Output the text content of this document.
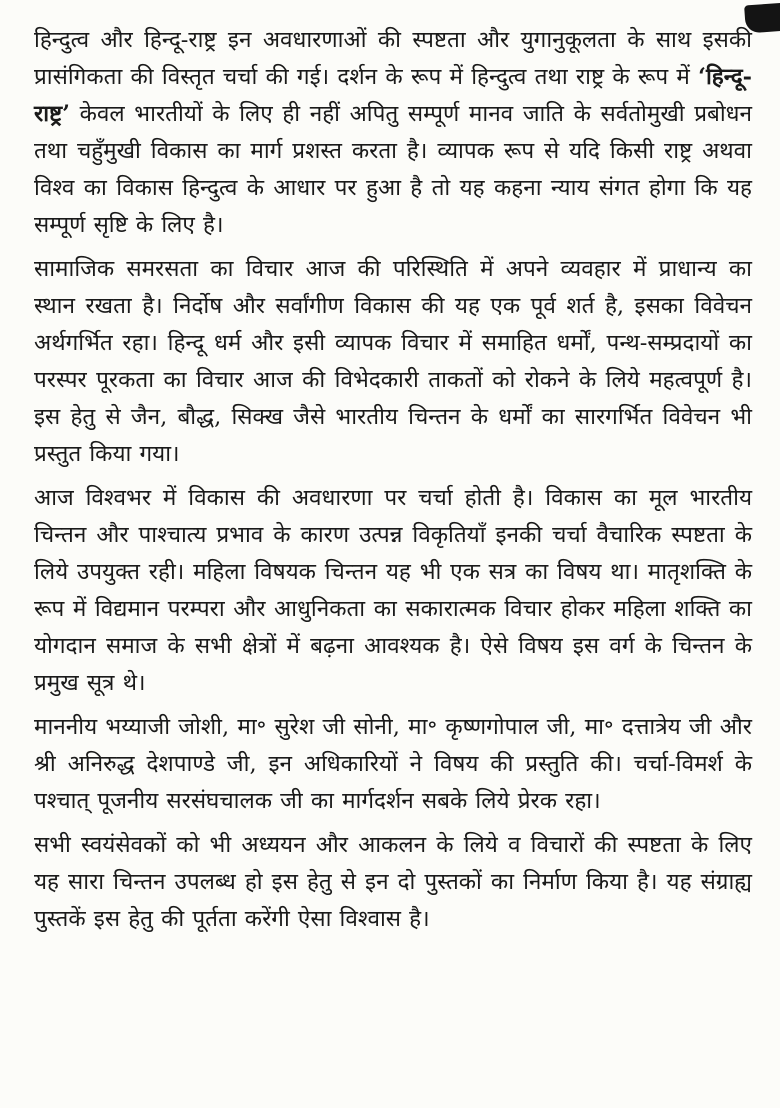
हिन्दुत्व और हिन्दू-राष्ट्र इन अवधारणाओं की स्पष्टता और युगानुकूलता के साथ इसकी प्रासंगिकता की विस्तृत चर्चा की गई। दर्शन के रूप में हिन्दुत्व तथा राष्ट्र के रूप में ‘हिन्दू-राष्ट्र’ केवल भारतीयों के लिए ही नहीं अपितु सम्पूर्ण मानव जाति के सर्वतोमुखी प्रबोधन तथा चहुँमुखी विकास का मार्ग प्रशस्त करता है। व्यापक रूप से यदि किसी राष्ट्र अथवा विश्व का विकास हिन्दुत्व के आधार पर हुआ है तो यह कहना न्याय संगत होगा कि यह सम्पूर्ण सृष्टि के लिए है।

सामाजिक समरसता का विचार आज की परिस्थिति में अपने व्यवहार में प्राधान्य का स्थान रखता है। निर्दोष और सर्वांगीण विकास की यह एक पूर्व शर्त है, इसका विवेचन अर्थगर्भित रहा। हिन्दू धर्म और इसी व्यापक विचार में समाहित धर्मों, पन्थ-सम्प्रदायों का परस्पर पूरकता का विचार आज की विभेदकारी ताकतों को रोकने के लिये महत्वपूर्ण है। इस हेतु से जैन, बौद्ध, सिक्ख जैसे भारतीय चिन्तन के धर्मों का सारगर्भित विवेचन भी प्रस्तुत किया गया।

आज विश्वभर में विकास की अवधारणा पर चर्चा होती है। विकास का मूल भारतीय चिन्तन और पाश्चात्य प्रभाव के कारण उत्पन्न विकृतियाँ इनकी चर्चा वैचारिक स्पष्टता के लिये उपयुक्त रही। महिला विषयक चिन्तन यह भी एक सत्र का विषय था। मातृशक्ति के रूप में विद्यमान परम्परा और आधुनिकता का सकारात्मक विचार होकर महिला शक्ति का योगदान समाज के सभी क्षेत्रों में बढ़ना आवश्यक है। ऐसे विषय इस वर्ग के चिन्तन के प्रमुख सूत्र थे।

माननीय भय्याजी जोशी, मा॰ सुरेश जी सोनी, मा॰ कृष्णगोपाल जी, मा॰ दत्तात्रेय जी और श्री अनिरुद्ध देशपाण्डे जी, इन अधिकारियों ने विषय की प्रस्तुति की। चर्चा-विमर्श के पश्चात् पूजनीय सरसंघचालक जी का मार्गदर्शन सबके लिये प्रेरक रहा।

सभी स्वयंसेवकों को भी अध्ययन और आकलन के लिये व विचारों की स्पष्टता के लिए यह सारा चिन्तन उपलब्ध हो इस हेतु से इन दो पुस्तकों का निर्माण किया है। यह संग्राह्य पुस्तकें इस हेतु की पूर्तता करेंगी ऐसा विश्वास है।
